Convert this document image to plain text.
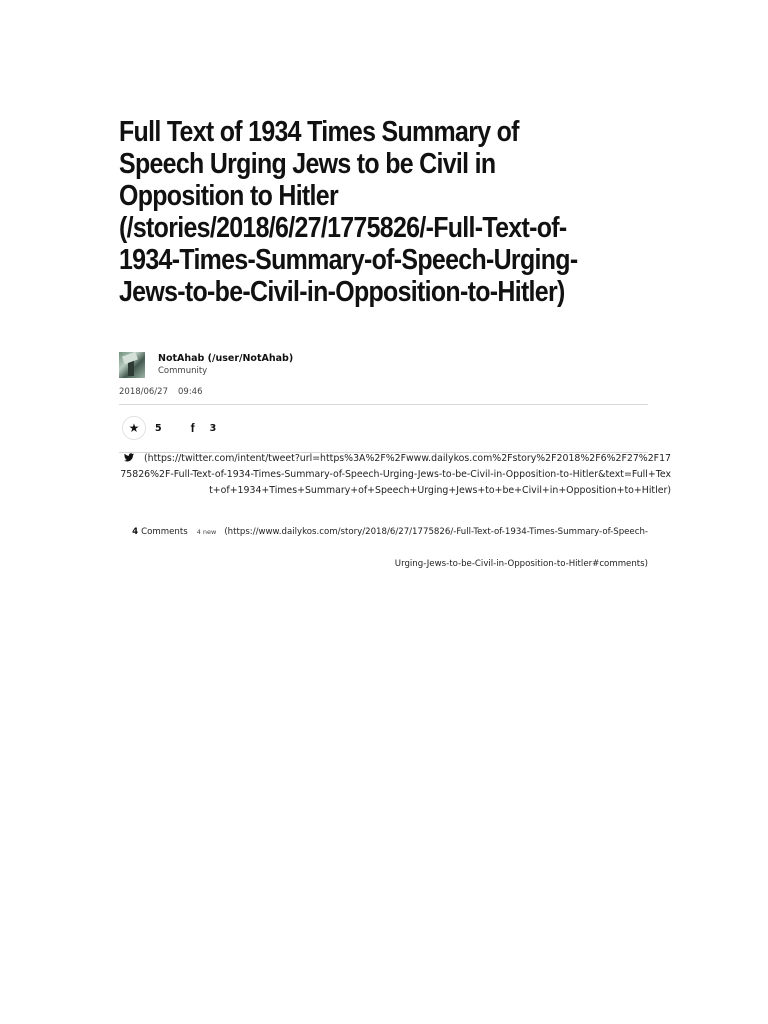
Full Text of 1934 Times Summary of Speech Urging Jews to be Civil in Opposition to Hitler (/stories/2018/6/27/1775826/-Full-Text-of-1934-Times-Summary-of-Speech-Urging-Jews-to-be-Civil-in-Opposition-to-Hitler)
NotAhab (/user/NotAhab)
Community
2018/06/27 09:46
★ 5 f	3
(https://twitter.com/intent/tweet?url=https%3A%2F%2Fwww.dailykos.com%2Fstory%2F2018%2F6%2F27%2F1775826%2F-Full-Text-of-1934-Times-Summary-of-Speech-Urging-Jews-to-be-Civil-in-Opposition-to-Hitler&text=Full+Text+of+1934+Times+Summary+of+Speech+Urging+Jews+to+be+Civil+in+Opposition+to+Hitler)
4 Comments 4 new (https://www.dailykos.com/story/2018/6/27/1775826/-Full-Text-of-1934-Times-Summary-of-Speech-
Urging-Jews-to-be-Civil-in-Opposition-to-Hitler#comments)
